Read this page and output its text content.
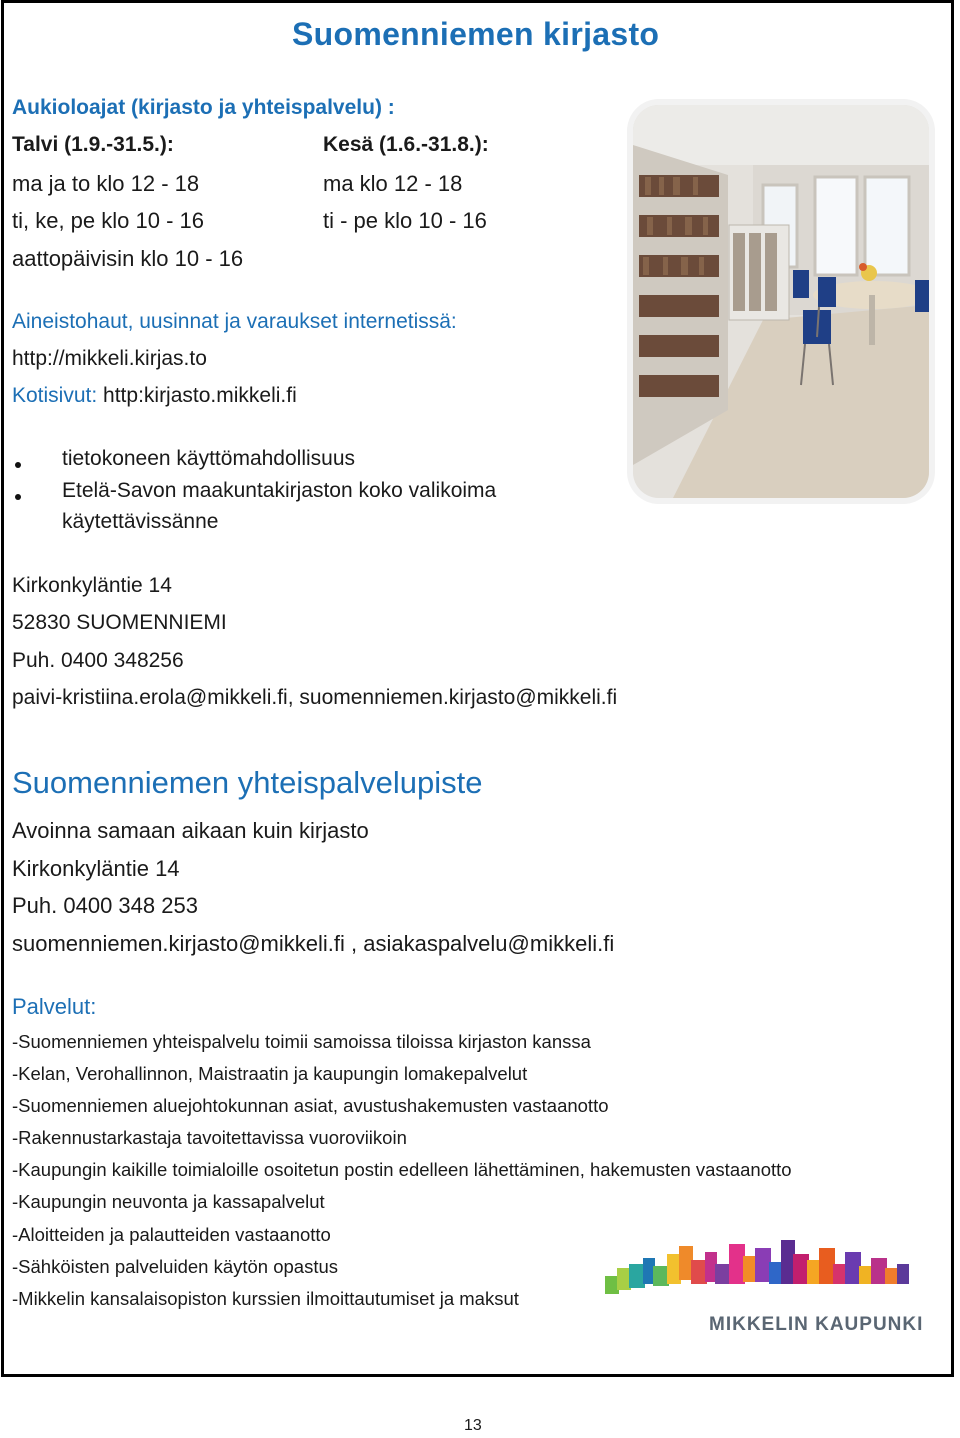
Suomenniemen kirjasto
Aukioloajat (kirjasto ja yhteispalvelu) :
Talvi (1.9.-31.5.):	Kesä (1.6.-31.8.):
ma ja to klo 12 - 18	ma klo 12 - 18
ti, ke, pe klo 10 - 16	ti - pe klo 10 - 16
aattopäivisin klo 10 - 16
Aineistohaut, uusinnat ja varaukset internetissä:
http://mikkeli.kirjas.to
Kotisivut: http:kirjasto.mikkeli.fi
tietokoneen käyttömahdollisuus
Etelä-Savon maakuntakirjaston koko valikoima
käytettävissänne
Kirkonkyläntie 14
52830 SUOMENNIEMI
Puh. 0400 348256
paivi-kristiina.erola@mikkeli.fi, suomenniemen.kirjasto@mikkeli.fi
Suomenniemen yhteispalvelupiste
Avoinna samaan aikaan kuin kirjasto
Kirkonkyläntie 14
Puh. 0400 348 253
suomenniemen.kirjasto@mikkeli.fi , asiakaspalvelu@mikkeli.fi
Palvelut:
-Suomenniemen yhteispalvelu toimii samoissa tiloissa kirjaston kanssa
-Kelan, Verohallinnon, Maistraatin ja kaupungin lomakepalvelut
-Suomenniemen aluejohtokunnan asiat, avustushakemusten vastaanotto
-Rakennustarkastaja tavoitettavissa vuoroviikoin
-Kaupungin kaikille toimialoille osoitetun postin edelleen lähettäminen, hakemusten vastaanotto
-Kaupungin neuvonta ja kassapalvelut
-Aloitteiden ja palautteiden vastaanotto
-Sähköisten palveluiden käytön opastus
-Mikkelin kansalaisopiston kurssien ilmoittautumiset ja maksut
MIKKELIN KAUPUNKI
13
